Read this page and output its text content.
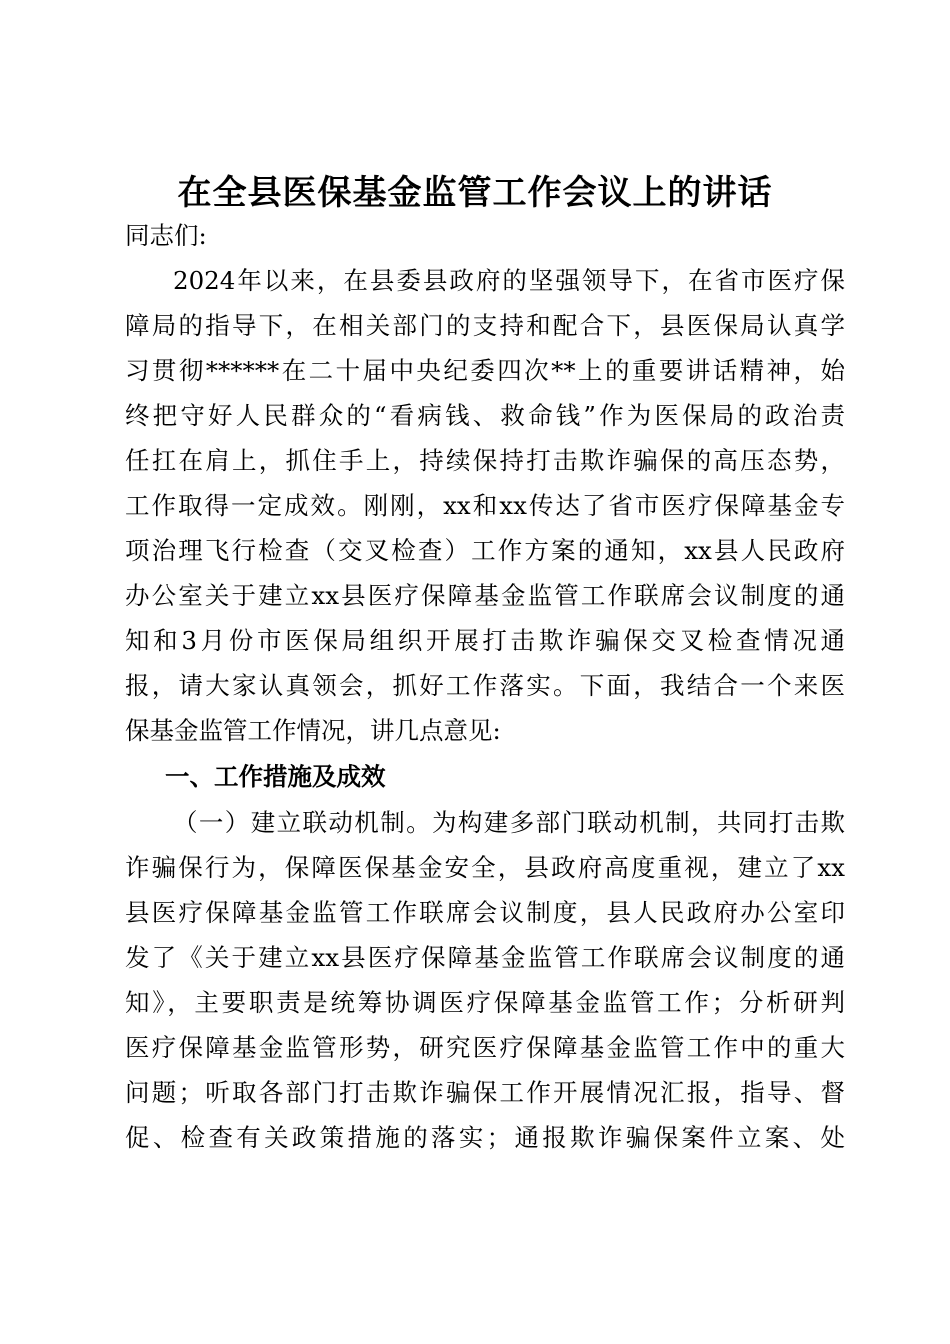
在全县医保基金监管工作会议上的讲话
同志们:
2024年以来，在县委县政府的坚强领导下，在省市医疗保
障局的指导下，在相关部门的支持和配合下，县医保局认真学
习贯彻******在二十届中央纪委四次**上的重要讲话精神，始
终把守好人民群众的“看病钱、救命钱”作为医保局的政治责
任扛在肩上，抓住手上，持续保持打击欺诈骗保的高压态势，
工作取得一定成效。刚刚，xx和xx传达了省市医疗保障基金专
项治理飞行检查（交叉检查）工作方案的通知，xx县人民政府
办公室关于建立xx县医疗保障基金监管工作联席会议制度的通
知和3月份市医保局组织开展打击欺诈骗保交叉检查情况通
报，请大家认真领会，抓好工作落实。下面，我结合一个来医
保基金监管工作情况，讲几点意见:
一、工作措施及成效
（一）建立联动机制。为构建多部门联动机制，共同打击欺
诈骗保行为，保障医保基金安全，县政府高度重视，建立了xx
县医疗保障基金监管工作联席会议制度，县人民政府办公室印
发了《关于建立xx县医疗保障基金监管工作联席会议制度的通
知》，主要职责是统筹协调医疗保障基金监管工作；分析研判
医疗保障基金监管形势，研究医疗保障基金监管工作中的重大
问题；听取各部门打击欺诈骗保工作开展情况汇报，指导、督
促、检查有关政策措施的落实；通报欺诈骗保案件立案、处
